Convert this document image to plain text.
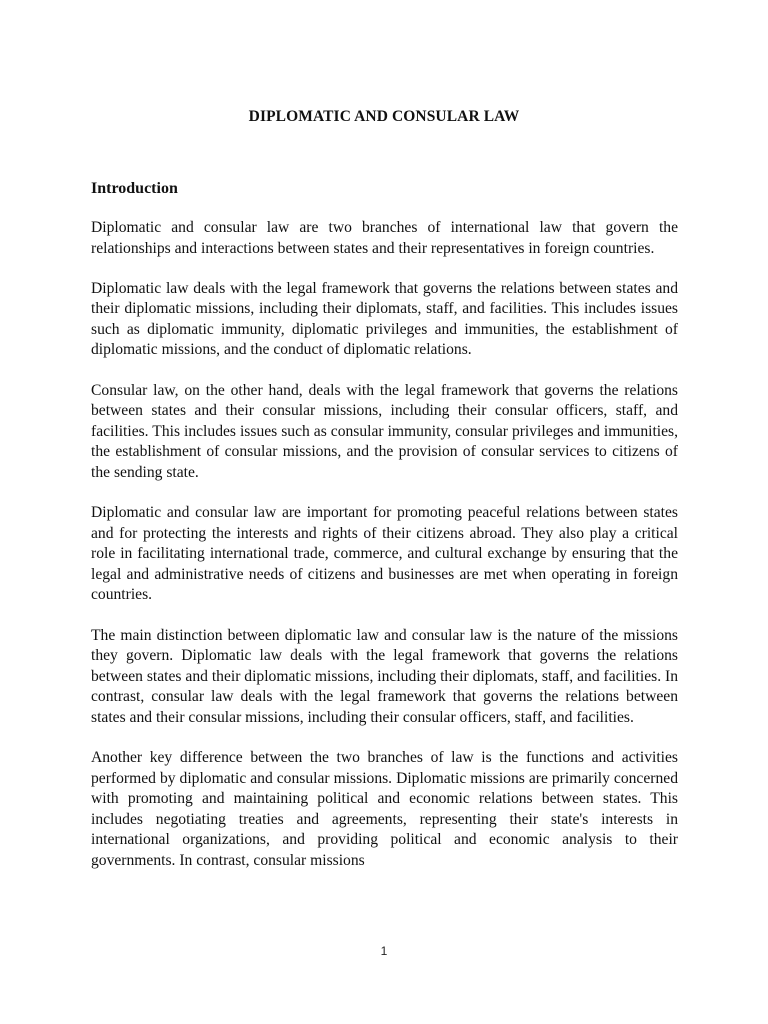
DIPLOMATIC AND CONSULAR LAW
Introduction

Diplomatic and consular law are two branches of international law that govern the relationships and interactions between states and their representatives in foreign countries.

Diplomatic law deals with the legal framework that governs the relations between states and their diplomatic missions, including their diplomats, staff, and facilities. This includes issues such as diplomatic immunity, diplomatic privileges and immunities, the establishment of diplomatic missions, and the conduct of diplomatic relations.

Consular law, on the other hand, deals with the legal framework that governs the relations between states and their consular missions, including their consular officers, staff, and facilities. This includes issues such as consular immunity, consular privileges and immunities, the establishment of consular missions, and the provision of consular services to citizens of the sending state.

Diplomatic and consular law are important for promoting peaceful relations between states and for protecting the interests and rights of their citizens abroad. They also play a critical role in facilitating international trade, commerce, and cultural exchange by ensuring that the legal and administrative needs of citizens and businesses are met when operating in foreign countries.

The main distinction between diplomatic law and consular law is the nature of the missions they govern. Diplomatic law deals with the legal framework that governs the relations between states and their diplomatic missions, including their diplomats, staff, and facilities. In contrast, consular law deals with the legal framework that governs the relations between states and their consular missions, including their consular officers, staff, and facilities.

Another key difference between the two branches of law is the functions and activities performed by diplomatic and consular missions. Diplomatic missions are primarily concerned with promoting and maintaining political and economic relations between states. This includes negotiating treaties and agreements, representing their state's interests in international organizations, and providing political and economic analysis to their governments. In contrast, consular missions

1
